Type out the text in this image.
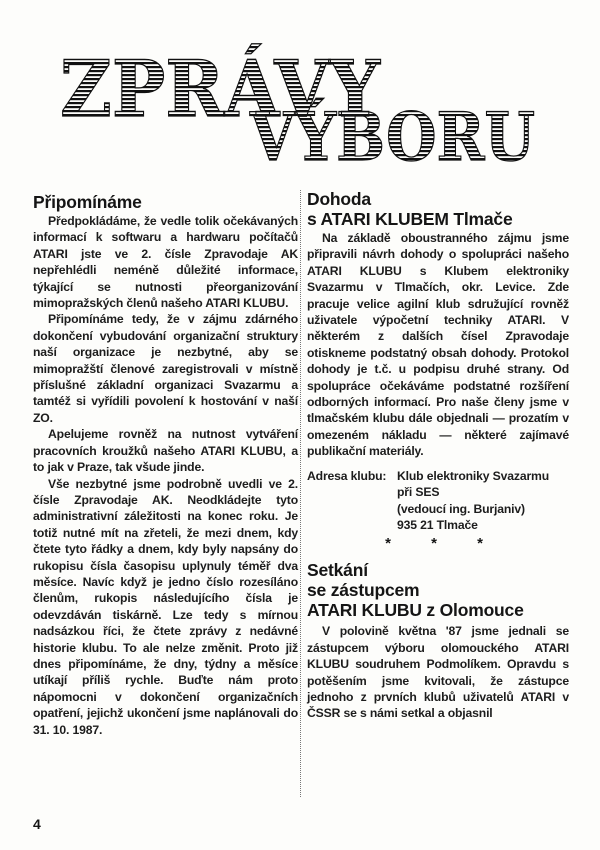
ZPRÁVY
VÝBORU
Připomínáme

Předpokládáme, že vedle tolik očekávaných informací k softwaru a hardwaru počítačů ATARI jste ve 2. čísle Zpravodaje AK nepřehlédli neméně důležité informace, týkající se nutnosti přeorganizování mimopražských členů našeho ATARI KLUBU.

Připomínáme tedy, že v zájmu zdárného dokončení vybudování organizační struktury naší organizace je nezbytné, aby se mimopražští členové zaregistrovali v místně příslušné základní organizaci Svazarmu a tamtéž si vyřídili povolení k hostování v naší ZO.

Apelujeme rovněž na nutnost vytváření pracovních kroužků našeho ATARI KLUBU, a to jak v Praze, tak všude jinde.

Vše nezbytné jsme podrobně uvedli ve 2. čísle Zpravodaje AK. Neodkládejte tyto administrativní záležitosti na konec roku. Je totiž nutné mít na zřeteli, že mezi dnem, kdy čtete tyto řádky a dnem, kdy byly napsány do rukopisu čísla časopisu uplynuly téměř dva měsíce. Navíc když je jedno číslo rozesíláno členům, rukopis následujícího čísla je odevzdáván tiskárně. Lze tedy s mírnou nadsázkou říci, že čtete zprávy z nedávné historie klubu. To ale nelze změnit. Proto již dnes připomínáme, že dny, týdny a měsíce utíkají příliš rychle. Buďte nám proto nápomocni v dokončení organizačních opatření, jejichž ukončení jsme naplánovali do 31. 10. 1987.

Dohoda
s ATARI KLUBEM Tlmače

Na základě oboustranného zájmu jsme připravili návrh dohody o spolupráci našeho ATARI KLUBU s Klubem elektroniky Svazarmu v Tlmačích, okr. Levice. Zde pracuje velice agilní klub sdružující rovněž uživatele výpočetní techniky ATARI. V některém z dalších čísel Zpravodaje otiskneme podstatný obsah dohody. Protokol dohody je t.č. u podpisu druhé strany. Od spolupráce očekáváme podstatné rozšíření odborných informací. Pro naše členy jsme v tlmačském klubu dále objednali — prozatím v omezeném nákladu — některé zajímavé publikační materiály.

Adresa klubu: Klub elektroniky Svazarmu
při SES
(vedoucí ing. Burjaniv)
935 21 Tlmače
* * *
Setkání
se zástupcem
ATARI KLUBU z Olomouce

V polovině května '87 jsme jednali se zástupcem výboru olomouckého ATARI KLUBU soudruhem Podmolíkem. Opravdu s potěšením jsme kvitovali, že zástupce jednoho z prvních klubů uživatelů ATARI v ČSSR se s námi setkal a objasnil

4
